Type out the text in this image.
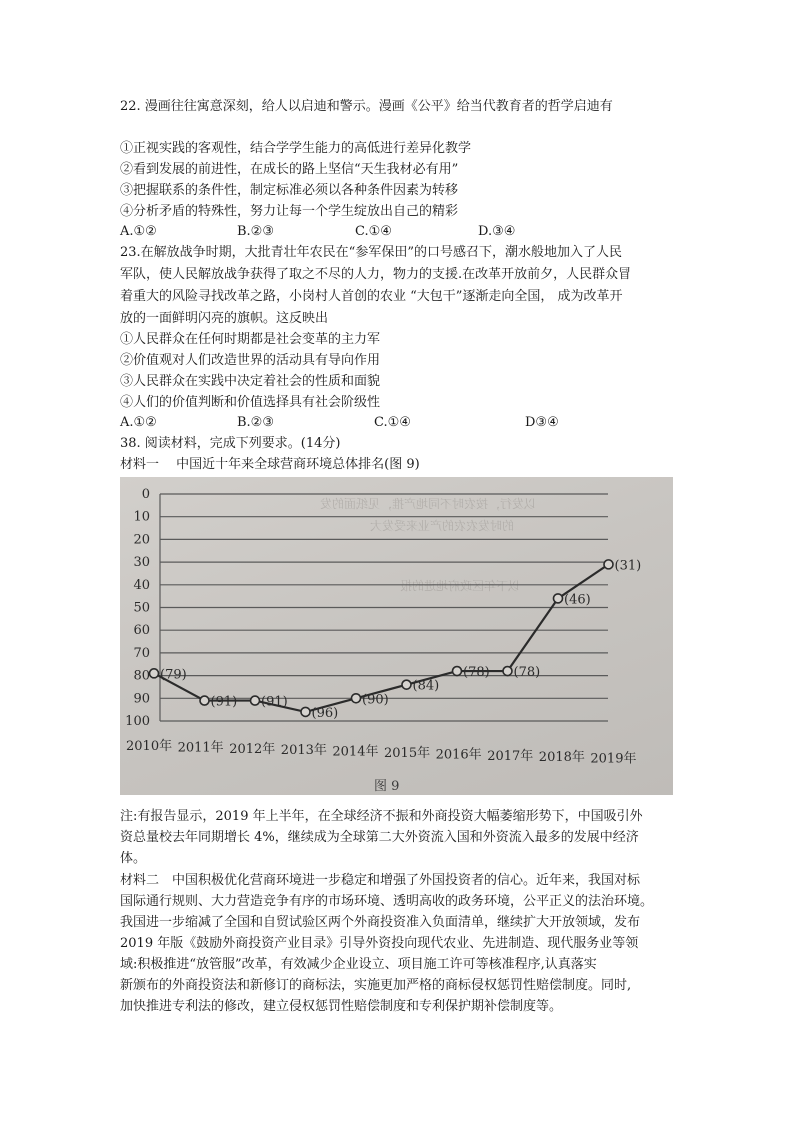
22. 漫画往往寓意深刻，给人以启迪和警示。漫画《公平》给当代教育者的哲学启迪有
①正视实践的客观性，结合学学生能力的高低进行差异化教学
②看到发展的前进性，在成长的路上坚信“天生我材必有用”
③把握联系的条件性，制定标准必须以各种条件因素为转移
④分析矛盾的特殊性，努力让每一个学生绽放出自己的精彩
A.①②	B.②③	C.①④	D.③④
23.在解放战争时期，大批青壮年农民在“参军保田”的口号感召下，潮水般地加入了人民
军队，使人民解放战争获得了取之不尽的人力，物力的支援.在改革开放前夕，人民群众冒
着重大的风险寻找改革之路，小岗村人首创的农业 “大包干”逐渐走向全国， 成为改革开
放的一面鲜明闪亮的旗帜。这反映出
①人民群众在任何时期都是社会变革的主力军
②价值观对人们改造世界的活动具有导向作用
③人民群众在实践中决定着社会的性质和面貌
④人们的价值判断和价值选择具有社会阶级性
A.①②	B.②③	C.①④	D③④
38. 阅读材料，完成下列要求。(14分)
材料一　 中国近十年来全球营商环境总体排名(图 9)
以发行，按农时不同地产推，见纸面的发
的时发农农的产业来受发大
以下年区政府地进的报
0
10
20
30
40
50
60
70
80
90
100
(79)
(91) (91)
(96)
(90)
(84)
(78) (78)
(46)
(31)
2010年 2011年 2012年 2013年 2014年 2015年 2016年 2017年 2018年 2019年
图 9
注:有报告显示，2019 年上半年，在全球经济不振和外商投资大幅萎缩形势下，中国吸引外
资总量校去年同期增长 4%，继续成为全球第二大外资流入国和外资流入最多的发展中经济
体。
材料二　中国积极优化营商环境进一步稳定和增强了外国投资者的信心。近年来，我国对标
国际通行规则、大力营造竞争有序的市场环境、透明高收的政务环境，公平正义的法治环境。
我国进一步缩减了全国和自贸试验区两个外商投资准入负面清单，继续扩大开放领域，发布
2019 年版《鼓励外商投资产业目录》引导外资投向现代农业、先进制造、现代服务业等领
域:积极推进“放管服”改革，有效减少企业设立、项目施工许可等核准程序,认真落实
新颁布的外商投资法和新修订的商标法，实施更加严格的商标侵权惩罚性赔偿制度。同时,
加快推进专利法的修改，建立侵权惩罚性赔偿制度和专利保护期补偿制度等。
